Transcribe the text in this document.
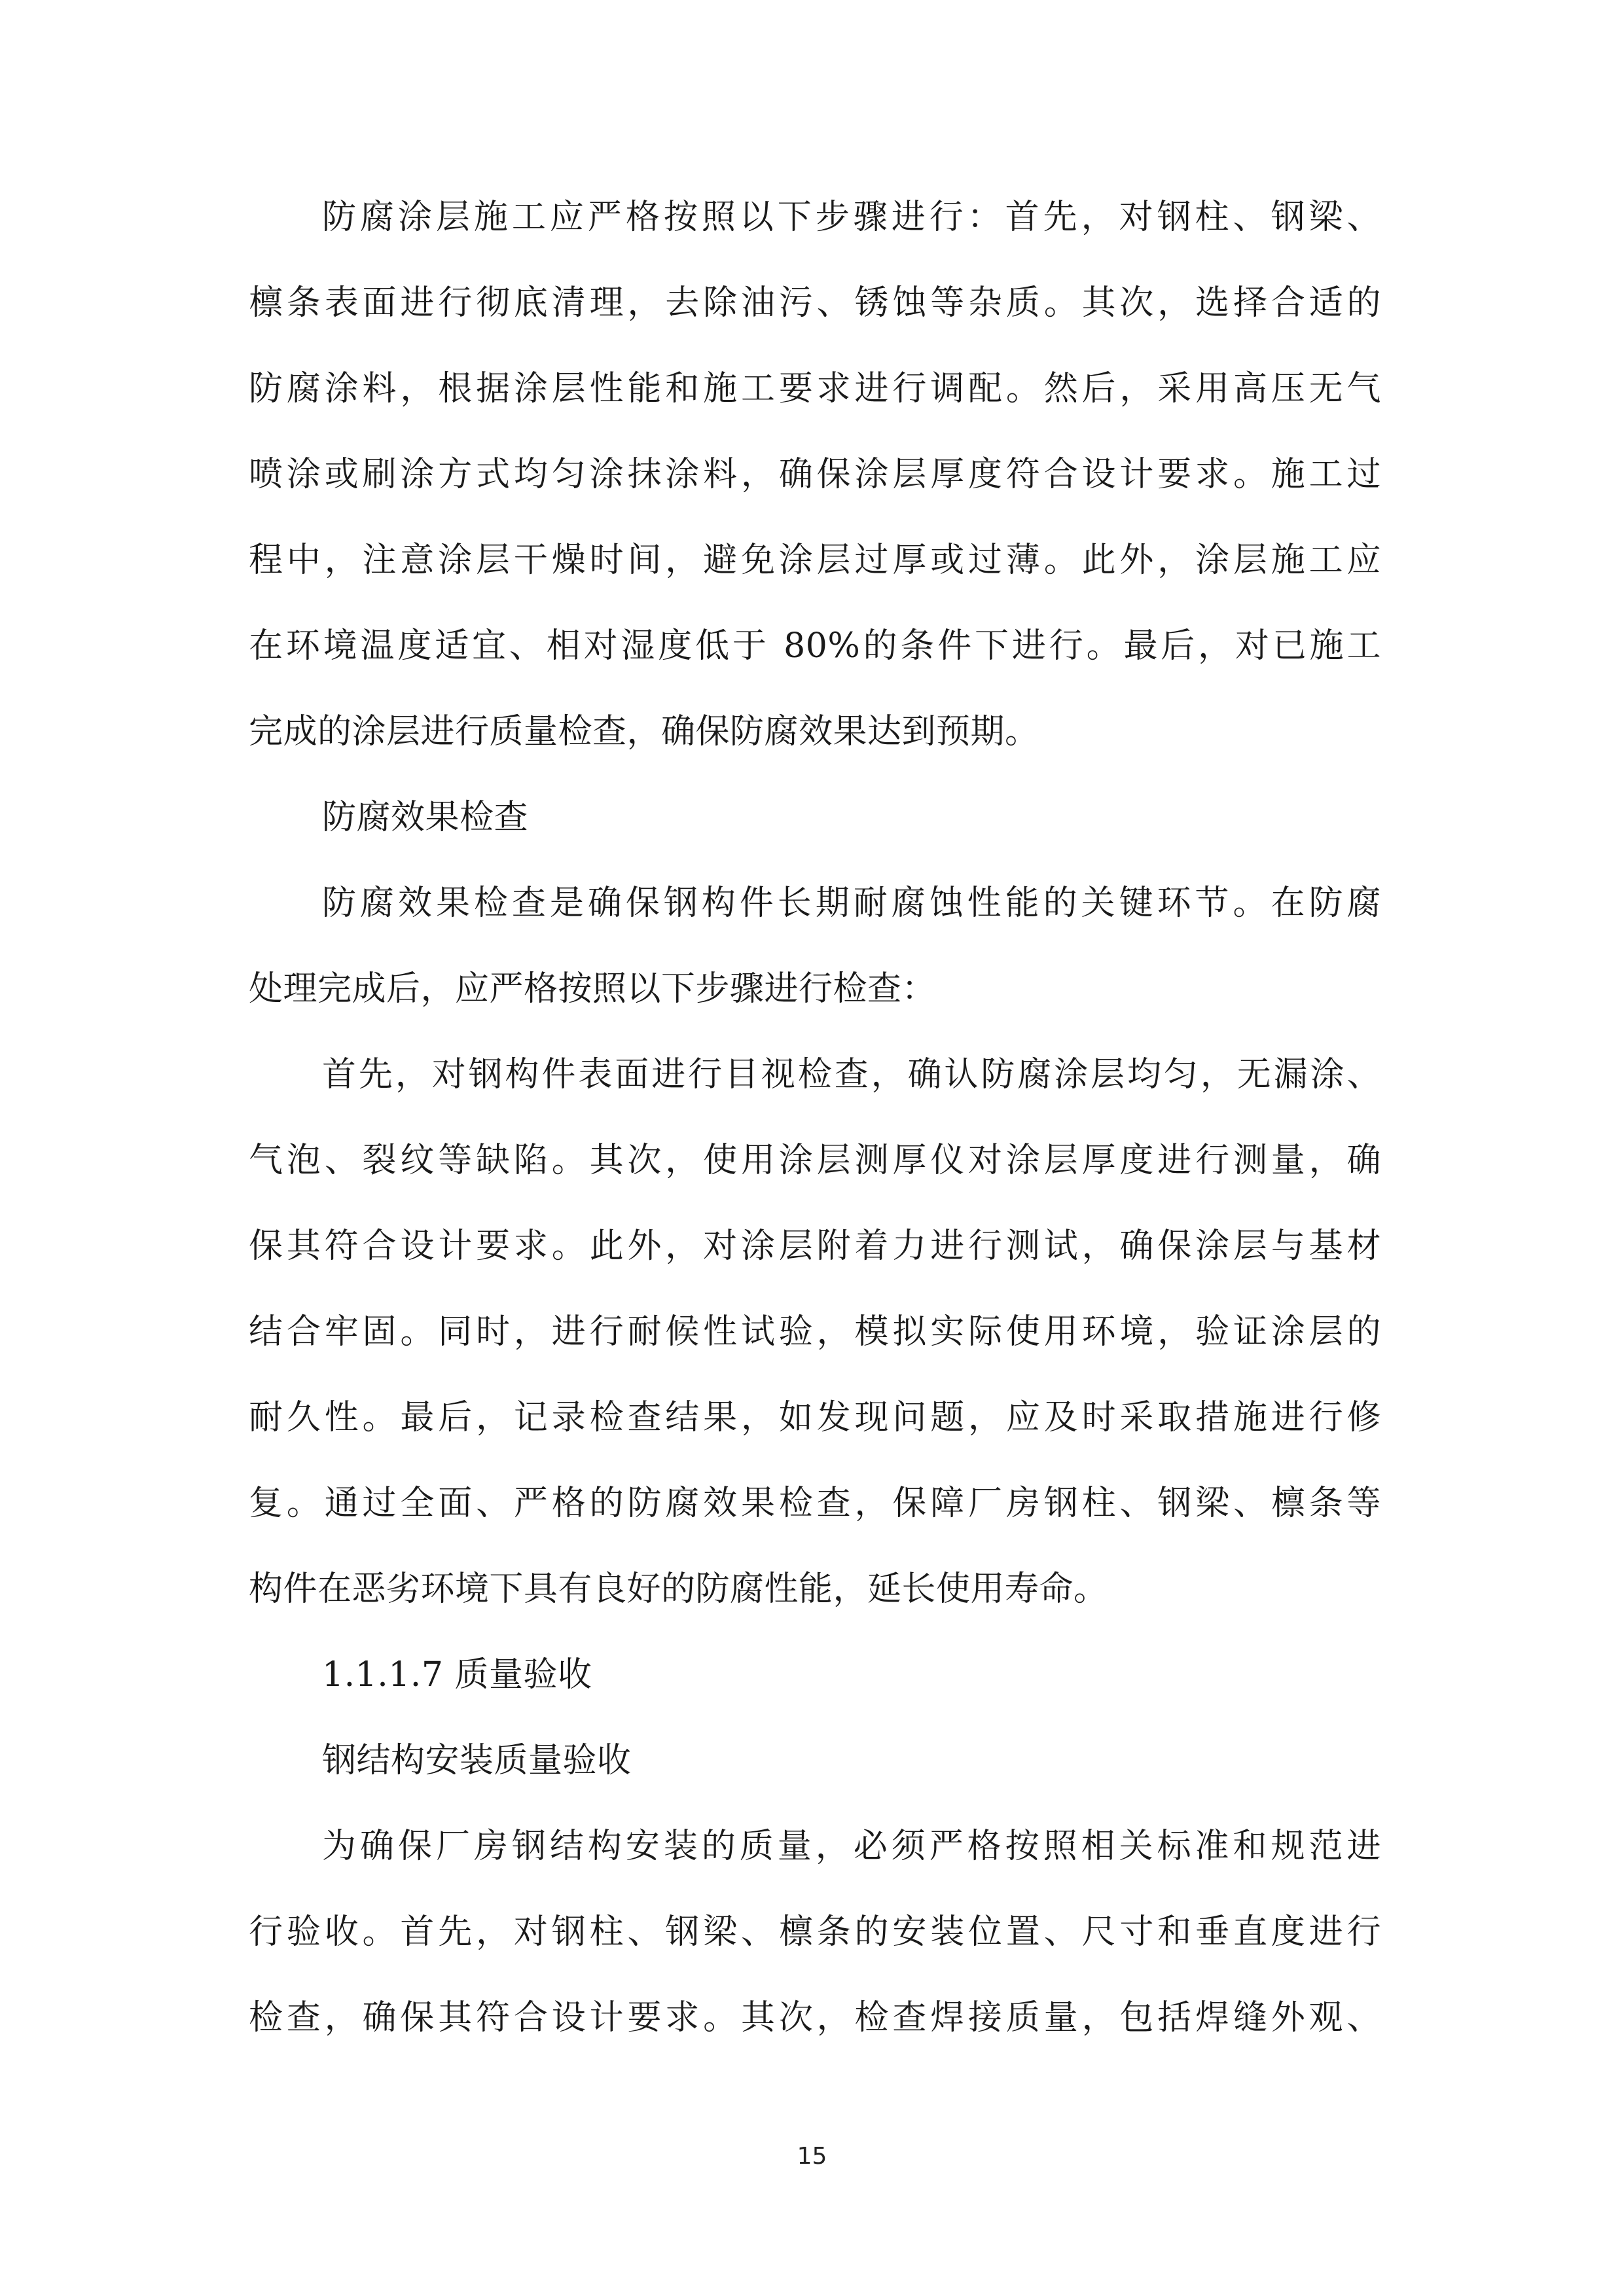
防腐涂层施工应严格按照以下步骤进行：首先，对钢柱、钢梁、
檩条表面进行彻底清理，去除油污、锈蚀等杂质。其次，选择合适的
防腐涂料，根据涂层性能和施工要求进行调配。然后，采用高压无气
喷涂或刷涂方式均匀涂抹涂料，确保涂层厚度符合设计要求。施工过
程中，注意涂层干燥时间，避免涂层过厚或过薄。此外，涂层施工应
在环境温度适宜、相对湿度低于 80%的条件下进行。最后，对已施工
完成的涂层进行质量检查，确保防腐效果达到预期。
防腐效果检查
防腐效果检查是确保钢构件长期耐腐蚀性能的关键环节。在防腐
处理完成后，应严格按照以下步骤进行检查：
首先，对钢构件表面进行目视检查，确认防腐涂层均匀，无漏涂、
气泡、裂纹等缺陷。其次，使用涂层测厚仪对涂层厚度进行测量，确
保其符合设计要求。此外，对涂层附着力进行测试，确保涂层与基材
结合牢固。同时，进行耐候性试验，模拟实际使用环境，验证涂层的
耐久性。最后，记录检查结果，如发现问题，应及时采取措施进行修
复。通过全面、严格的防腐效果检查，保障厂房钢柱、钢梁、檩条等
构件在恶劣环境下具有良好的防腐性能，延长使用寿命。
1.1.1.7 质量验收
钢结构安装质量验收
为确保厂房钢结构安装的质量，必须严格按照相关标准和规范进
行验收。首先，对钢柱、钢梁、檩条的安装位置、尺寸和垂直度进行
检查，确保其符合设计要求。其次，检查焊接质量，包括焊缝外观、
15
